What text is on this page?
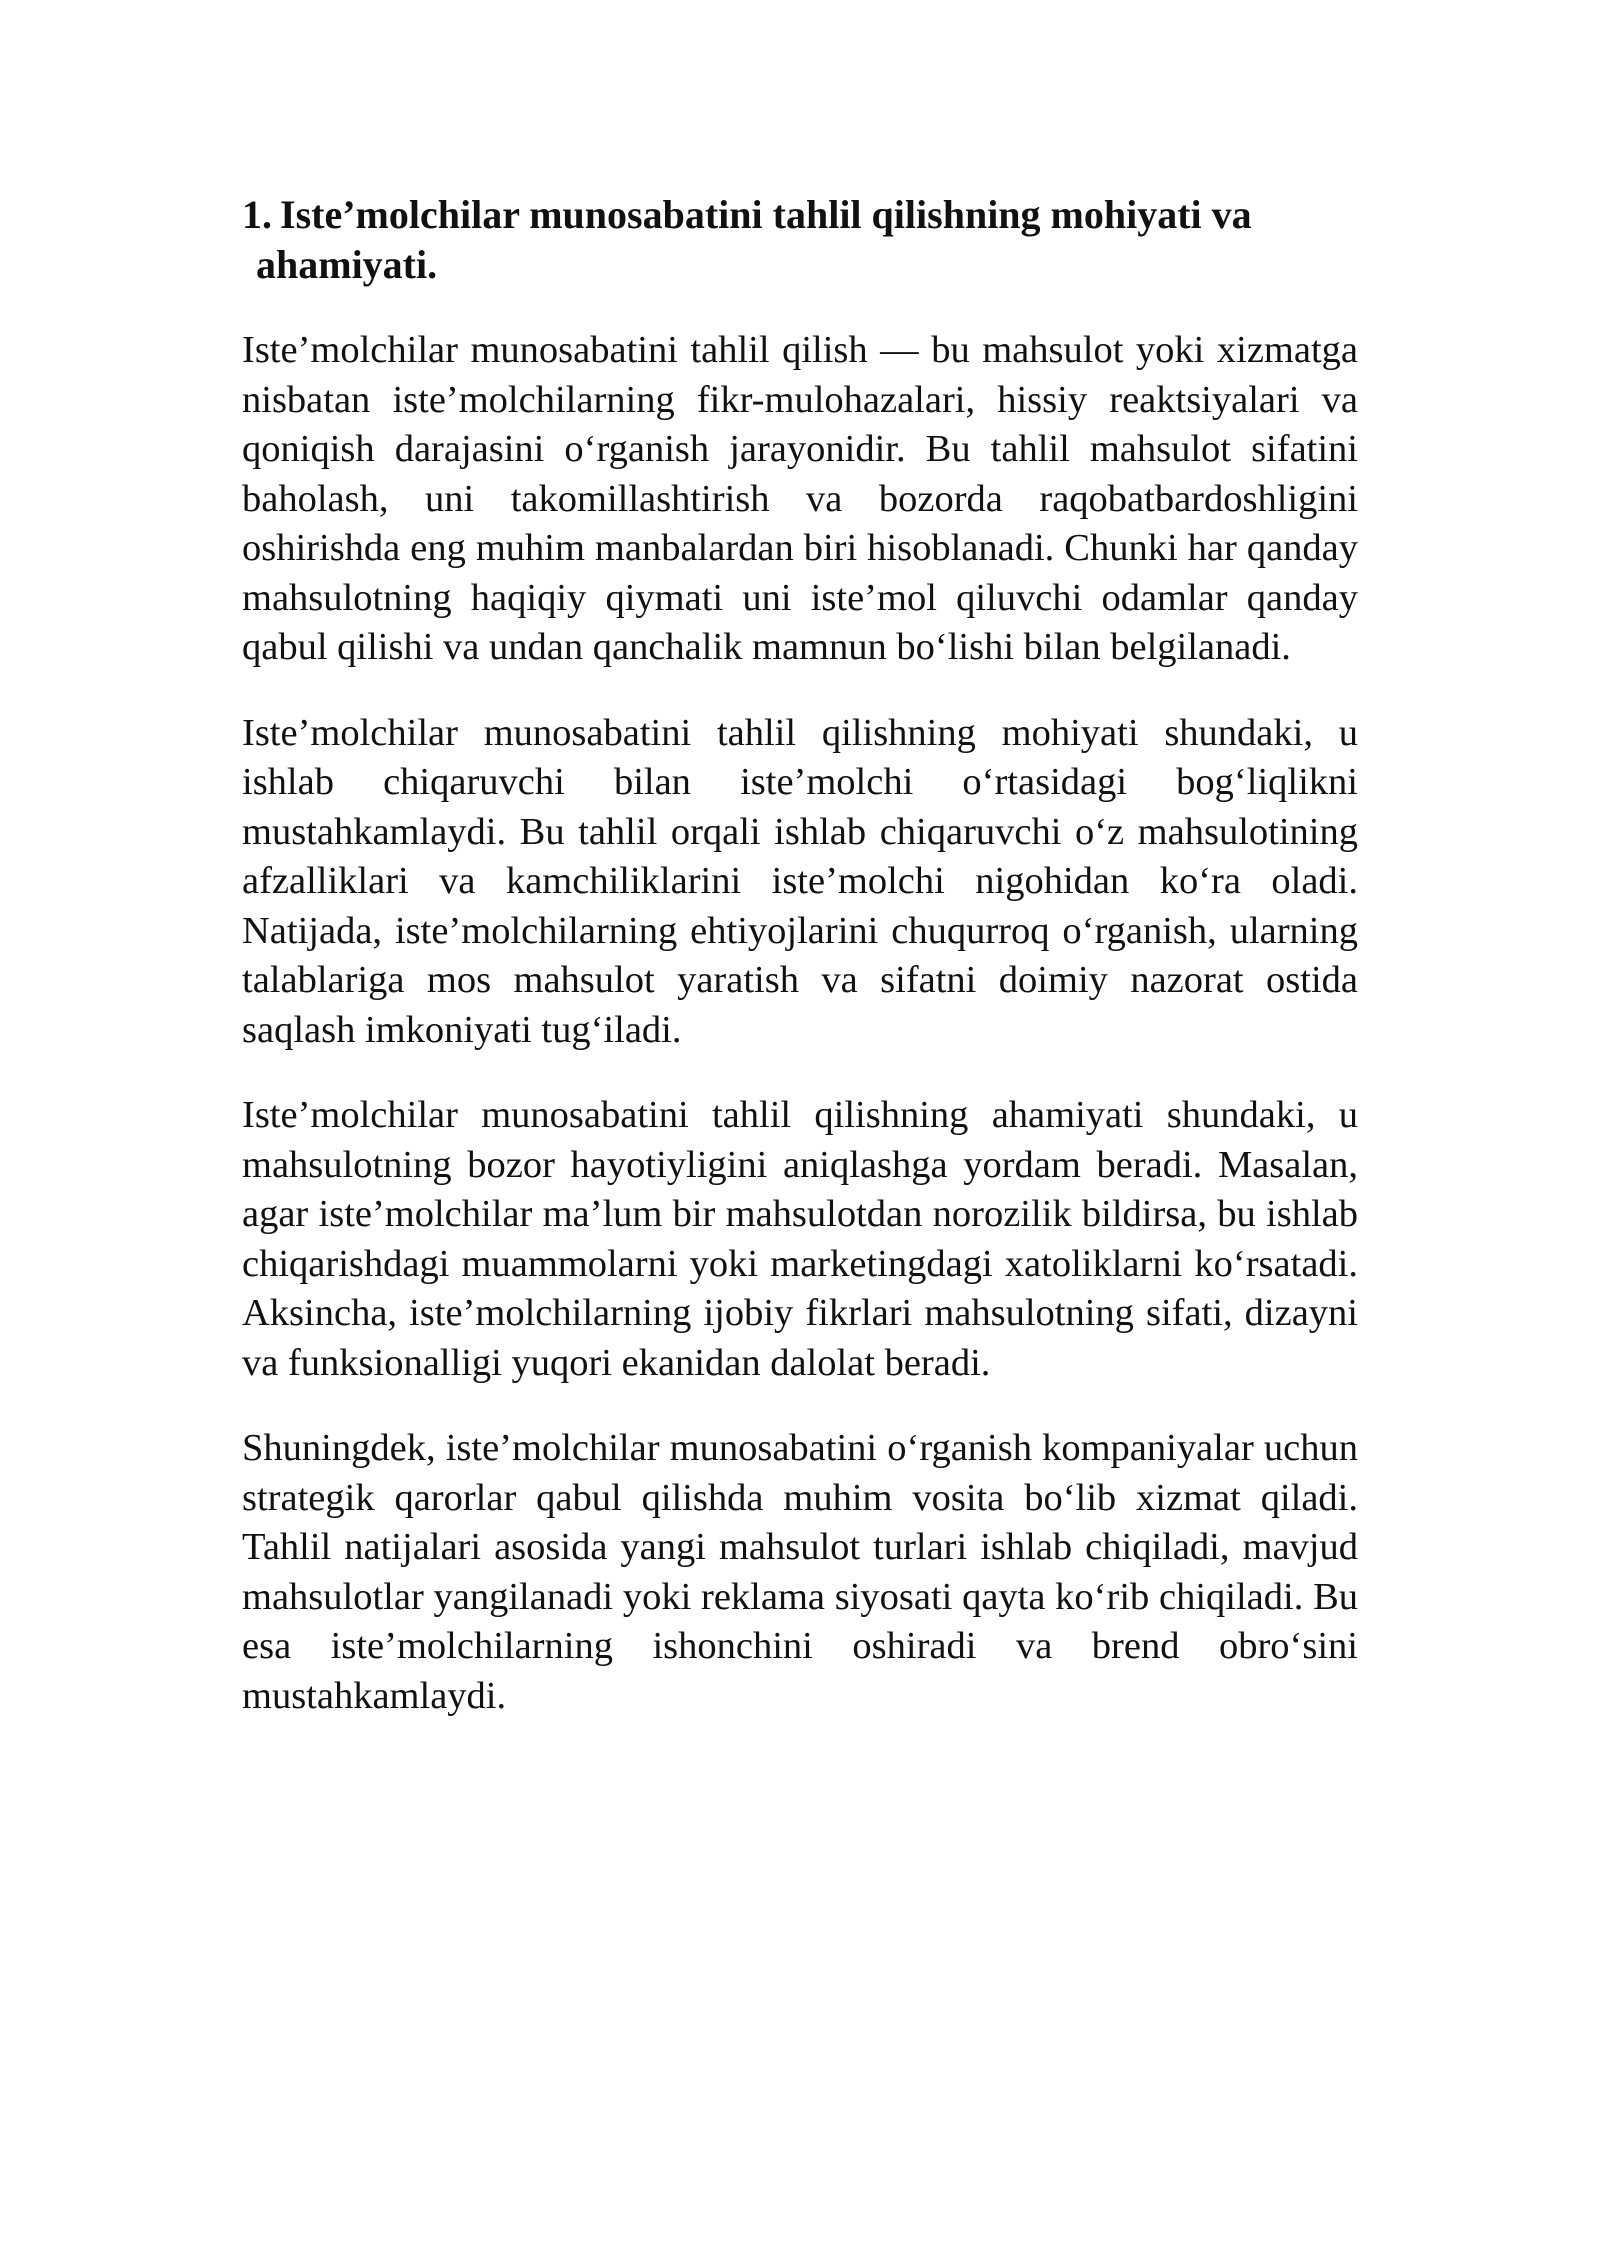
1. Iste’molchilar munosabatini tahlil qilishning mohiyati va
ahamiyati.

Iste’molchilar munosabatini tahlil qilish — bu mahsulot yoki xizmatga nisbatan iste’molchilarning fikr-mulohazalari, hissiy reaktsiyalari va qoniqish darajasini o‘rganish jarayonidir. Bu tahlil mahsulot sifatini baholash, uni takomillashtirish va bozorda raqobatbardoshligini oshirishda eng muhim manbalardan biri hisoblanadi. Chunki har qanday mahsulotning haqiqiy qiymati uni iste’mol qiluvchi odamlar qanday qabul qilishi va undan qanchalik mamnun bo‘lishi bilan belgilanadi.

Iste’molchilar munosabatini tahlil qilishning mohiyati shundaki, u ishlab chiqaruvchi bilan iste’molchi o‘rtasidagi bog‘liqlikni mustahkamlaydi. Bu tahlil orqali ishlab chiqaruvchi o‘z mahsulotining afzalliklari va kamchiliklarini iste’molchi nigohidan ko‘ra oladi. Natijada, iste’molchilarning ehtiyojlarini chuqurroq o‘rganish, ularning talablariga mos mahsulot yaratish va sifatni doimiy nazorat ostida saqlash imkoniyati tug‘iladi.

Iste’molchilar munosabatini tahlil qilishning ahamiyati shundaki, u mahsulotning bozor hayotiyligini aniqlashga yordam beradi. Masalan, agar iste’molchilar ma’lum bir mahsulotdan norozilik bildirsa, bu ishlab chiqarishdagi muammolarni yoki marketingdagi xatoliklarni ko‘rsatadi. Aksincha, iste’molchilarning ijobiy fikrlari mahsulotning sifati, dizayni va funksionalligi yuqori ekanidan dalolat beradi.

Shuningdek, iste’molchilar munosabatini o‘rganish kompaniyalar uchun strategik qarorlar qabul qilishda muhim vosita bo‘lib xizmat qiladi. Tahlil natijalari asosida yangi mahsulot turlari ishlab chiqiladi, mavjud mahsulotlar yangilanadi yoki reklama siyosati qayta ko‘rib chiqiladi. Bu esa iste’molchilarning ishonchini oshiradi va brend obro‘sini mustahkamlaydi.
